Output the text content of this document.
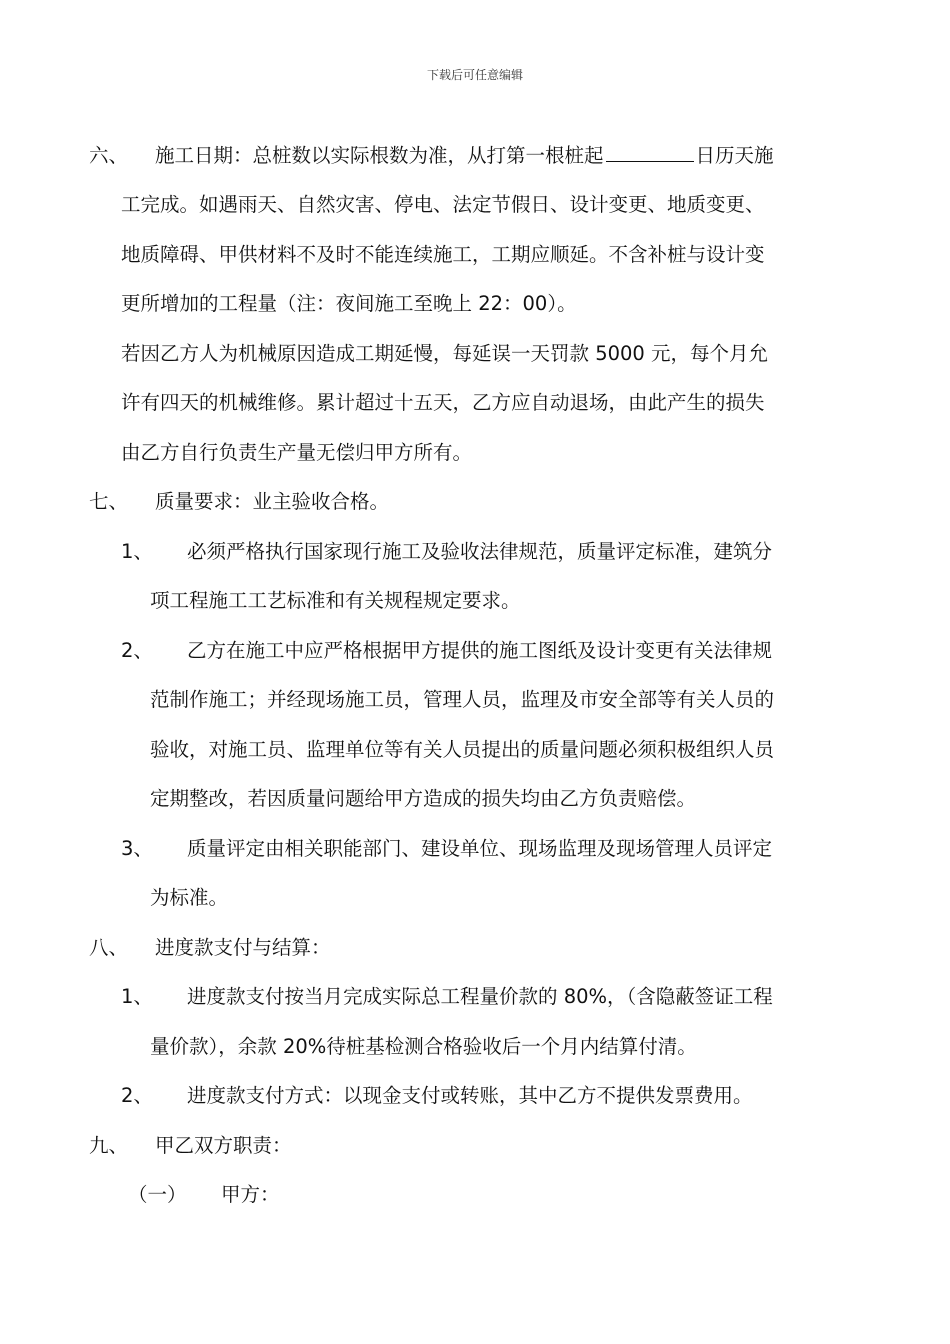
下载后可任意编辑
六、 施工日期：总桩数以实际根数为准，从打第一根桩起	日历天施
工完成。如遇雨天、自然灾害、停电、法定节假日、设计变更、地质变更、
地质障碍、甲供材料不及时不能连续施工，工期应顺延。不含补桩与设计变
更所增加的工程量（注：夜间施工至晚上 22：00）。
若因乙方人为机械原因造成工期延慢，每延误一天罚款 5000 元，每个月允
许有四天的机械维修。累计超过十五天，乙方应自动退场，由此产生的损失
由乙方自行负责生产量无偿归甲方所有。
七、 质量要求：业主验收合格。
1、 必须严格执行国家现行施工及验收法律规范，质量评定标准，建筑分
项工程施工工艺标准和有关规程规定要求。
2、 乙方在施工中应严格根据甲方提供的施工图纸及设计变更有关法律规
范制作施工；并经现场施工员，管理人员，监理及市安全部等有关人员的
验收，对施工员、监理单位等有关人员提出的质量问题必须积极组织人员
定期整改，若因质量问题给甲方造成的损失均由乙方负责赔偿。
3、 质量评定由相关职能部门、建设单位、现场监理及现场管理人员评定
为标准。
八、 进度款支付与结算：
1、 进度款支付按当月完成实际总工程量价款的 80%，（含隐蔽签证工程
量价款），余款 20%待桩基检测合格验收后一个月内结算付清。
2、 进度款支付方式：以现金支付或转账，其中乙方不提供发票费用。
九、 甲乙双方职责：
（一） 甲方：
